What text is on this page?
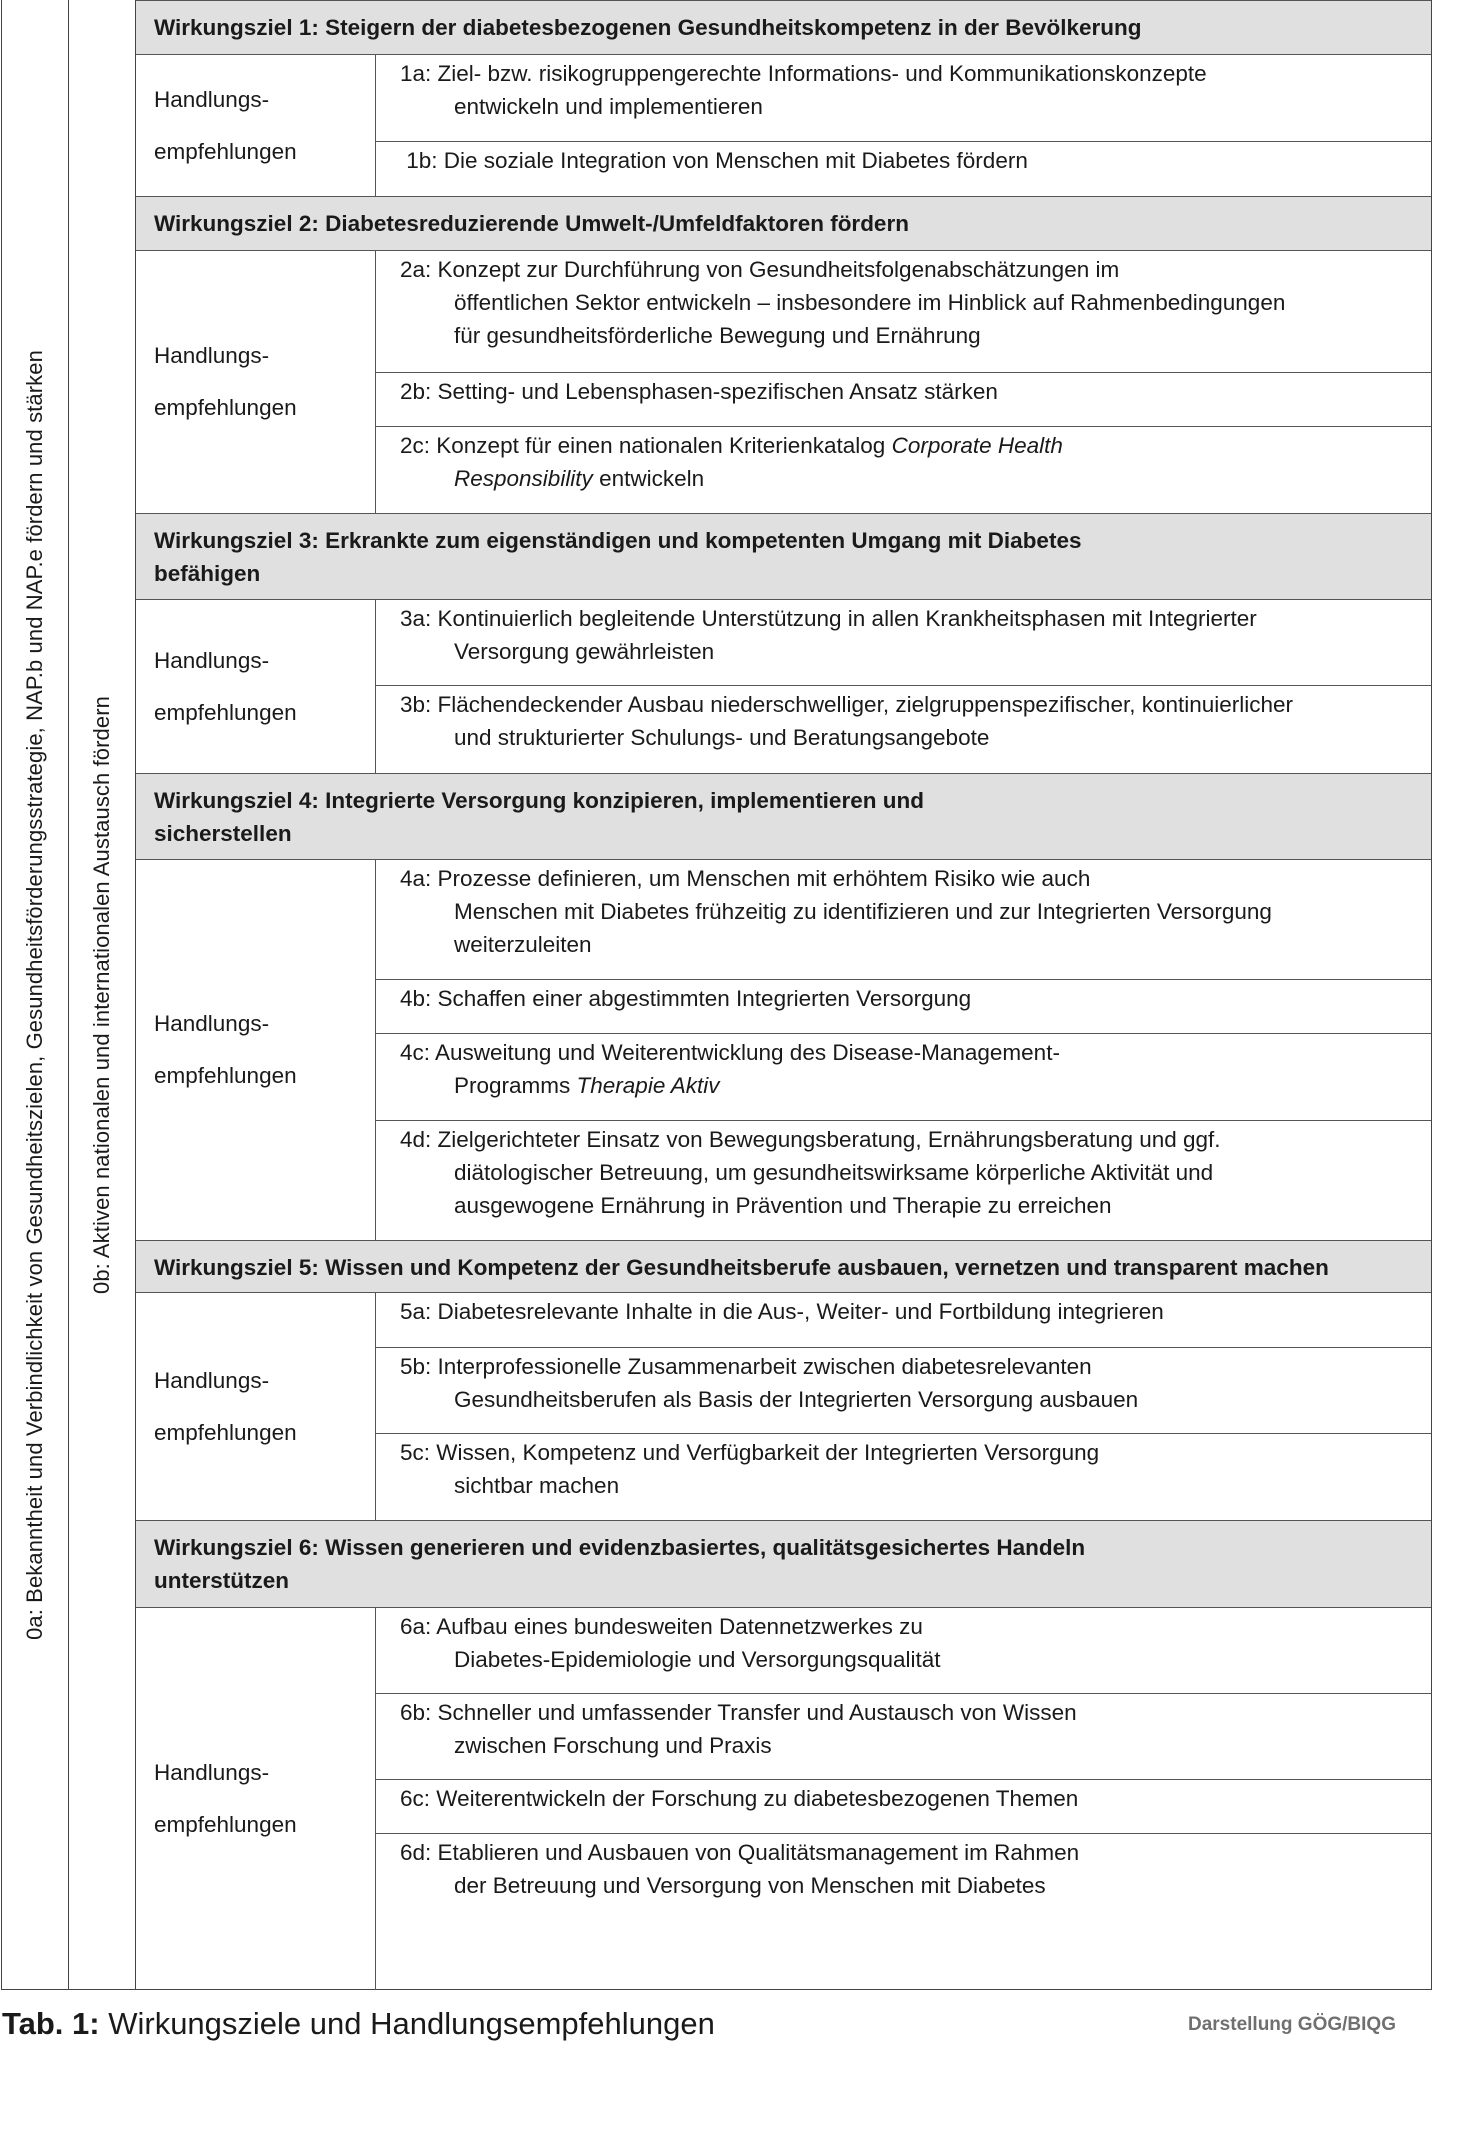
0a: Bekanntheit und Verbindlichkeit von Gesundheitszielen, Gesundheitsförderungsstrategie, NAP.b und NAP.e fördern und stärken 0b: Aktiven nationalen und internationalen Austausch fördern
Wirkungsziel 1: Steigern der diabetesbezogenen Gesundheitskompetenz in der Bevölkerung
Handlungs-
empfehlungen
1a: Ziel- bzw. risikogruppengerechte Informations- und Kommunikationskonzepte
entwickeln und implementieren
1b: Die soziale Integration von Menschen mit Diabetes fördern
Wirkungsziel 2: Diabetesreduzierende Umwelt-/Umfeldfaktoren fördern
Handlungs-
empfehlungen
2a: Konzept zur Durchführung von Gesundheitsfolgenabschätzungen im
öffentlichen Sektor entwickeln – insbesondere im Hinblick auf Rahmenbedingungen
für gesundheitsförderliche Bewegung und Ernährung
2b: Setting- und Lebensphasen-spezifischen Ansatz stärken
2c: Konzept für einen nationalen Kriterienkatalog Corporate Health
Responsibility entwickeln
Wirkungsziel 3: Erkrankte zum eigenständigen und kompetenten Umgang mit Diabetes
befähigen
Handlungs-
empfehlungen
3a: Kontinuierlich begleitende Unterstützung in allen Krankheitsphasen mit Integrierter
Versorgung gewährleisten
3b: Flächendeckender Ausbau niederschwelliger, zielgruppenspezifischer, kontinuierlicher
und strukturierter Schulungs- und Beratungsangebote
Wirkungsziel 4: Integrierte Versorgung konzipieren, implementieren und
sicherstellen
Handlungs-
empfehlungen
4a: Prozesse definieren, um Menschen mit erhöhtem Risiko wie auch
Menschen mit Diabetes frühzeitig zu identifizieren und zur Integrierten Versorgung
weiterzuleiten
4b: Schaffen einer abgestimmten Integrierten Versorgung
4c: Ausweitung und Weiterentwicklung des Disease-Management-
Programms Therapie Aktiv
4d: Zielgerichteter Einsatz von Bewegungsberatung, Ernährungsberatung und ggf.
diätologischer Betreuung, um gesundheitswirksame körperliche Aktivität und
ausgewogene Ernährung in Prävention und Therapie zu erreichen
Wirkungsziel 5: Wissen und Kompetenz der Gesundheitsberufe ausbauen, vernetzen und transparent machen
Handlungs-
empfehlungen
5a: Diabetesrelevante Inhalte in die Aus-, Weiter- und Fortbildung integrieren
5b: Interprofessionelle Zusammenarbeit zwischen diabetesrelevanten
Gesundheitsberufen als Basis der Integrierten Versorgung ausbauen
5c: Wissen, Kompetenz und Verfügbarkeit der Integrierten Versorgung
sichtbar machen
Wirkungsziel 6: Wissen generieren und evidenzbasiertes, qualitätsgesichertes Handeln
unterstützen
Handlungs-
empfehlungen
6a: Aufbau eines bundesweiten Datennetzwerkes zu
Diabetes-Epidemiologie und Versorgungsqualität
6b: Schneller und umfassender Transfer und Austausch von Wissen
zwischen Forschung und Praxis
6c: Weiterentwickeln der Forschung zu diabetesbezogenen Themen
6d: Etablieren und Ausbauen von Qualitätsmanagement im Rahmen
der Betreuung und Versorgung von Menschen mit Diabetes
Tab. 1: Wirkungsziele und Handlungsempfehlungen	Darstellung GÖG/BIQG
